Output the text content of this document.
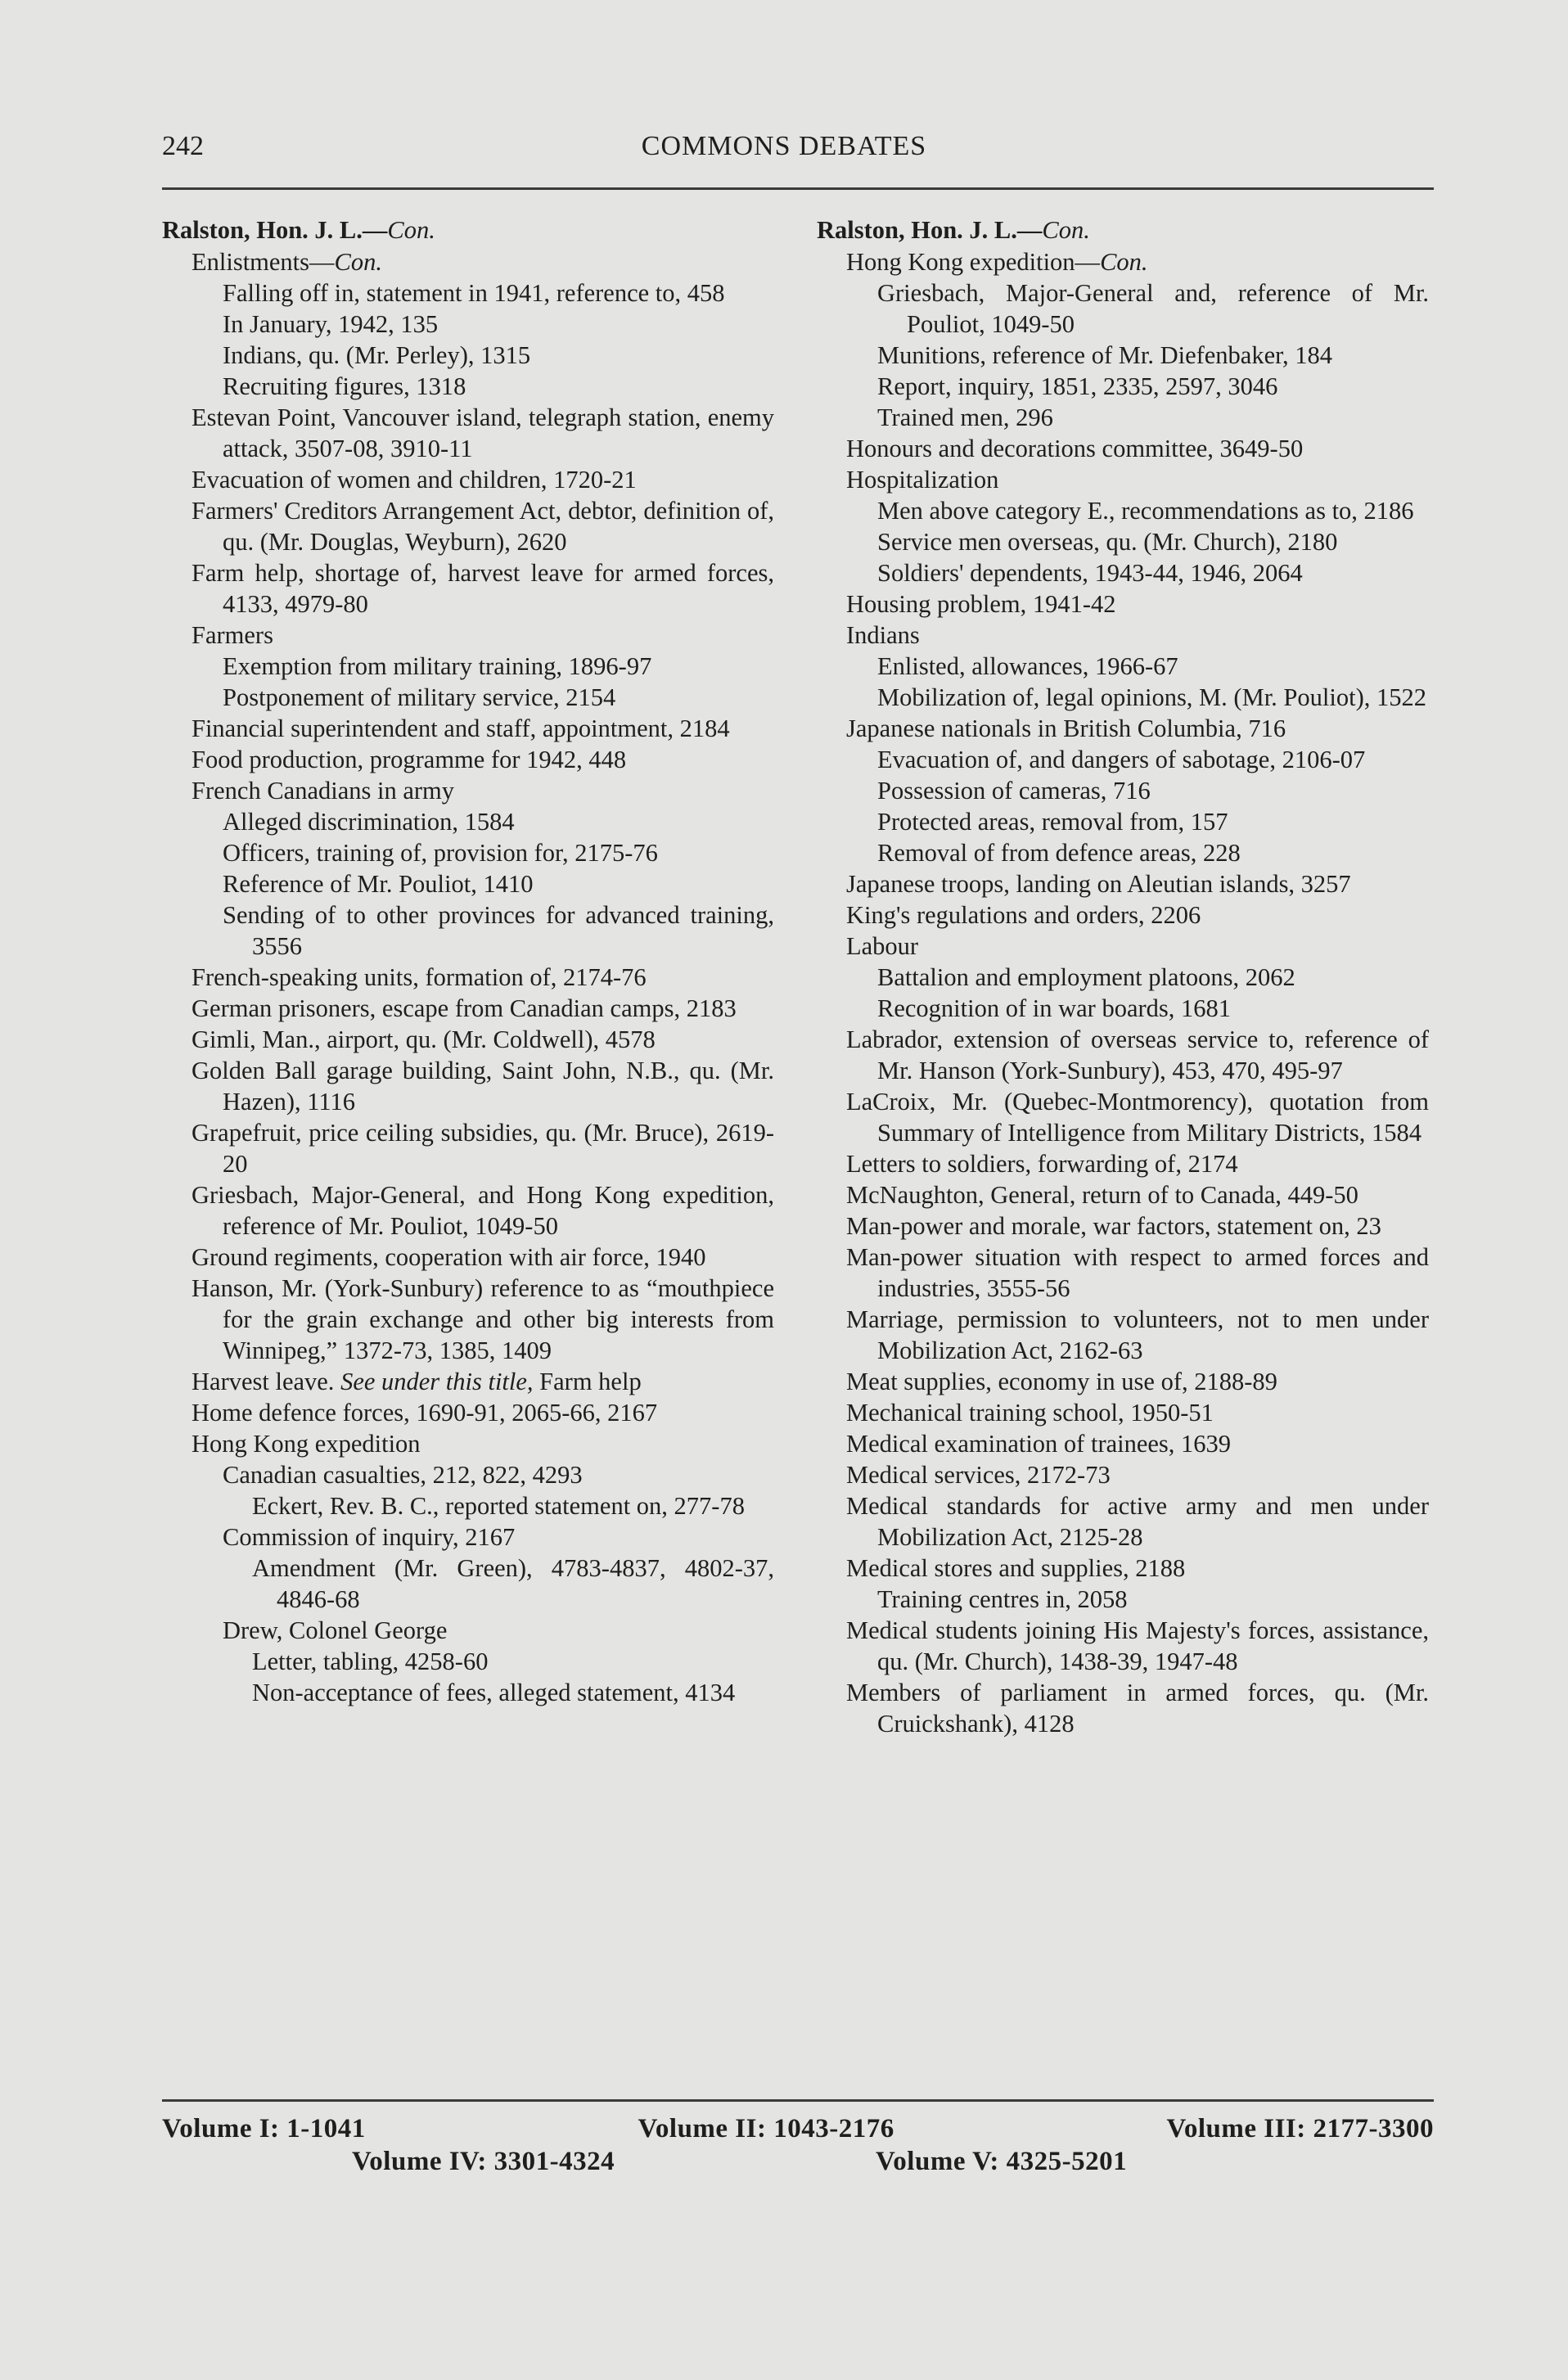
242	COMMONS DEBATES
Ralston, Hon. J. L.—Con.
Enlistments—Con.
Falling off in, statement in 1941, reference to, 458
In January, 1942, 135
Indians, qu. (Mr. Perley), 1315
Recruiting figures, 1318
Estevan Point, Vancouver island, telegraph station, enemy attack, 3507-08, 3910-11
Evacuation of women and children, 1720-21
Farmers' Creditors Arrangement Act, debtor, definition of, qu. (Mr. Douglas, Weyburn), 2620
Farm help, shortage of, harvest leave for armed forces, 4133, 4979-80
Farmers
Exemption from military training, 1896-97
Postponement of military service, 2154
Financial superintendent and staff, appointment, 2184
Food production, programme for 1942, 448
French Canadians in army
Alleged discrimination, 1584
Officers, training of, provision for, 2175-76
Reference of Mr. Pouliot, 1410
Sending of to other provinces for advanced training, 3556
French-speaking units, formation of, 2174-76
German prisoners, escape from Canadian camps, 2183
Gimli, Man., airport, qu. (Mr. Coldwell), 4578
Golden Ball garage building, Saint John, N.B., qu. (Mr. Hazen), 1116
Grapefruit, price ceiling subsidies, qu. (Mr. Bruce), 2619-20
Griesbach, Major-General, and Hong Kong expedition, reference of Mr. Pouliot, 1049-50
Ground regiments, cooperation with air force, 1940
Hanson, Mr. (York-Sunbury) reference to as “mouthpiece for the grain exchange and other big interests from Winnipeg,” 1372-73, 1385, 1409
Harvest leave. See under this title, Farm help
Home defence forces, 1690-91, 2065-66, 2167
Hong Kong expedition
Canadian casualties, 212, 822, 4293
Eckert, Rev. B. C., reported statement on, 277-78
Commission of inquiry, 2167
Amendment (Mr. Green), 4783-4837, 4802-37, 4846-68
Drew, Colonel George
Letter, tabling, 4258-60
Non-acceptance of fees, alleged statement, 4134
Ralston, Hon. J. L.—Con.
Hong Kong expedition—Con.
Griesbach, Major-General and, reference of Mr. Pouliot, 1049-50
Munitions, reference of Mr. Diefenbaker, 184
Report, inquiry, 1851, 2335, 2597, 3046
Trained men, 296
Honours and decorations committee, 3649-50
Hospitalization
Men above category E., recommendations as to, 2186
Service men overseas, qu. (Mr. Church), 2180
Soldiers' dependents, 1943-44, 1946, 2064
Housing problem, 1941-42
Indians
Enlisted, allowances, 1966-67
Mobilization of, legal opinions, M. (Mr. Pouliot), 1522
Japanese nationals in British Columbia, 716
Evacuation of, and dangers of sabotage, 2106-07
Possession of cameras, 716
Protected areas, removal from, 157
Removal of from defence areas, 228
Japanese troops, landing on Aleutian islands, 3257
King's regulations and orders, 2206
Labour
Battalion and employment platoons, 2062
Recognition of in war boards, 1681
Labrador, extension of overseas service to, reference of Mr. Hanson (York-Sunbury), 453, 470, 495-97
LaCroix, Mr. (Quebec-Montmorency), quotation from Summary of Intelligence from Military Districts, 1584
Letters to soldiers, forwarding of, 2174
McNaughton, General, return of to Canada, 449-50
Man-power and morale, war factors, statement on, 23
Man-power situation with respect to armed forces and industries, 3555-56
Marriage, permission to volunteers, not to men under Mobilization Act, 2162-63
Meat supplies, economy in use of, 2188-89
Mechanical training school, 1950-51
Medical examination of trainees, 1639
Medical services, 2172-73
Medical standards for active army and men under Mobilization Act, 2125-28
Medical stores and supplies, 2188
Training centres in, 2058
Medical students joining His Majesty's forces, assistance, qu. (Mr. Church), 1438-39, 1947-48
Members of parliament in armed forces, qu. (Mr. Cruickshank), 4128
Volume I: 1-1041	Volume II: 1043-2176	Volume III: 2177-3300
Volume IV: 3301-4324	Volume V: 4325-5201
